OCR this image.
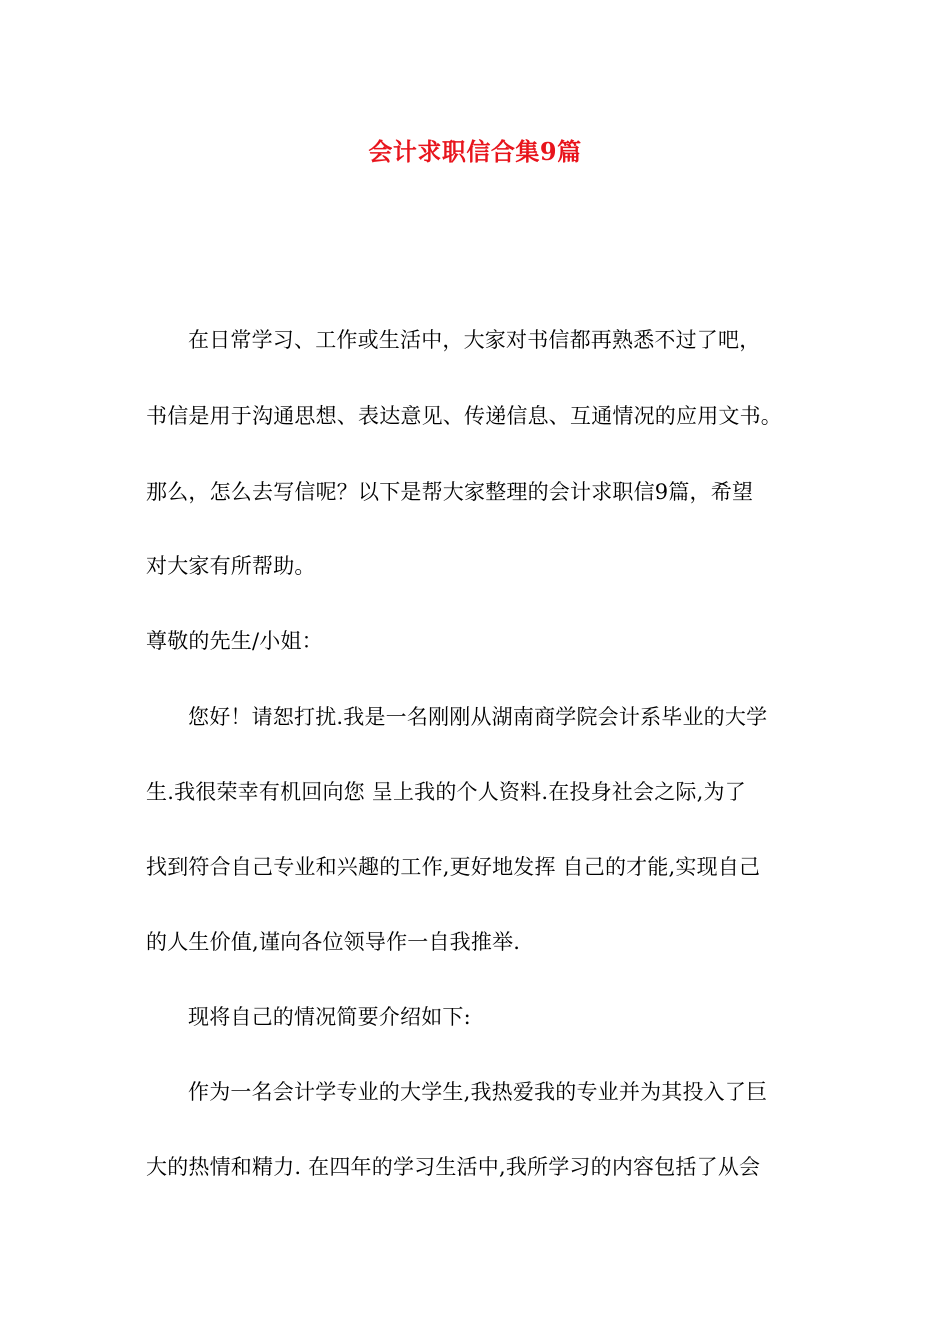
会计求职信合集9篇
在日常学习、工作或生活中，大家对书信都再熟悉不过了吧，
书信是用于沟通思想、表达意见、传递信息、互通情况的应用文书。
那么，怎么去写信呢？以下是帮大家整理的会计求职信9篇，希望
对大家有所帮助。
尊敬的先生/小姐：
您好！请恕打扰.我是一名刚刚从湖南商学院会计系毕业的大学
生.我很荣幸有机回向您 呈上我的个人资料.在投身社会之际,为了
找到符合自己专业和兴趣的工作,更好地发挥 自己的才能,实现自己
的人生价值,谨向各位领导作一自我推举.
现将自己的情况简要介绍如下:
作为一名会计学专业的大学生,我热爱我的专业并为其投入了巨
大的热情和精力. 在四年的学习生活中,我所学习的内容包括了从会
